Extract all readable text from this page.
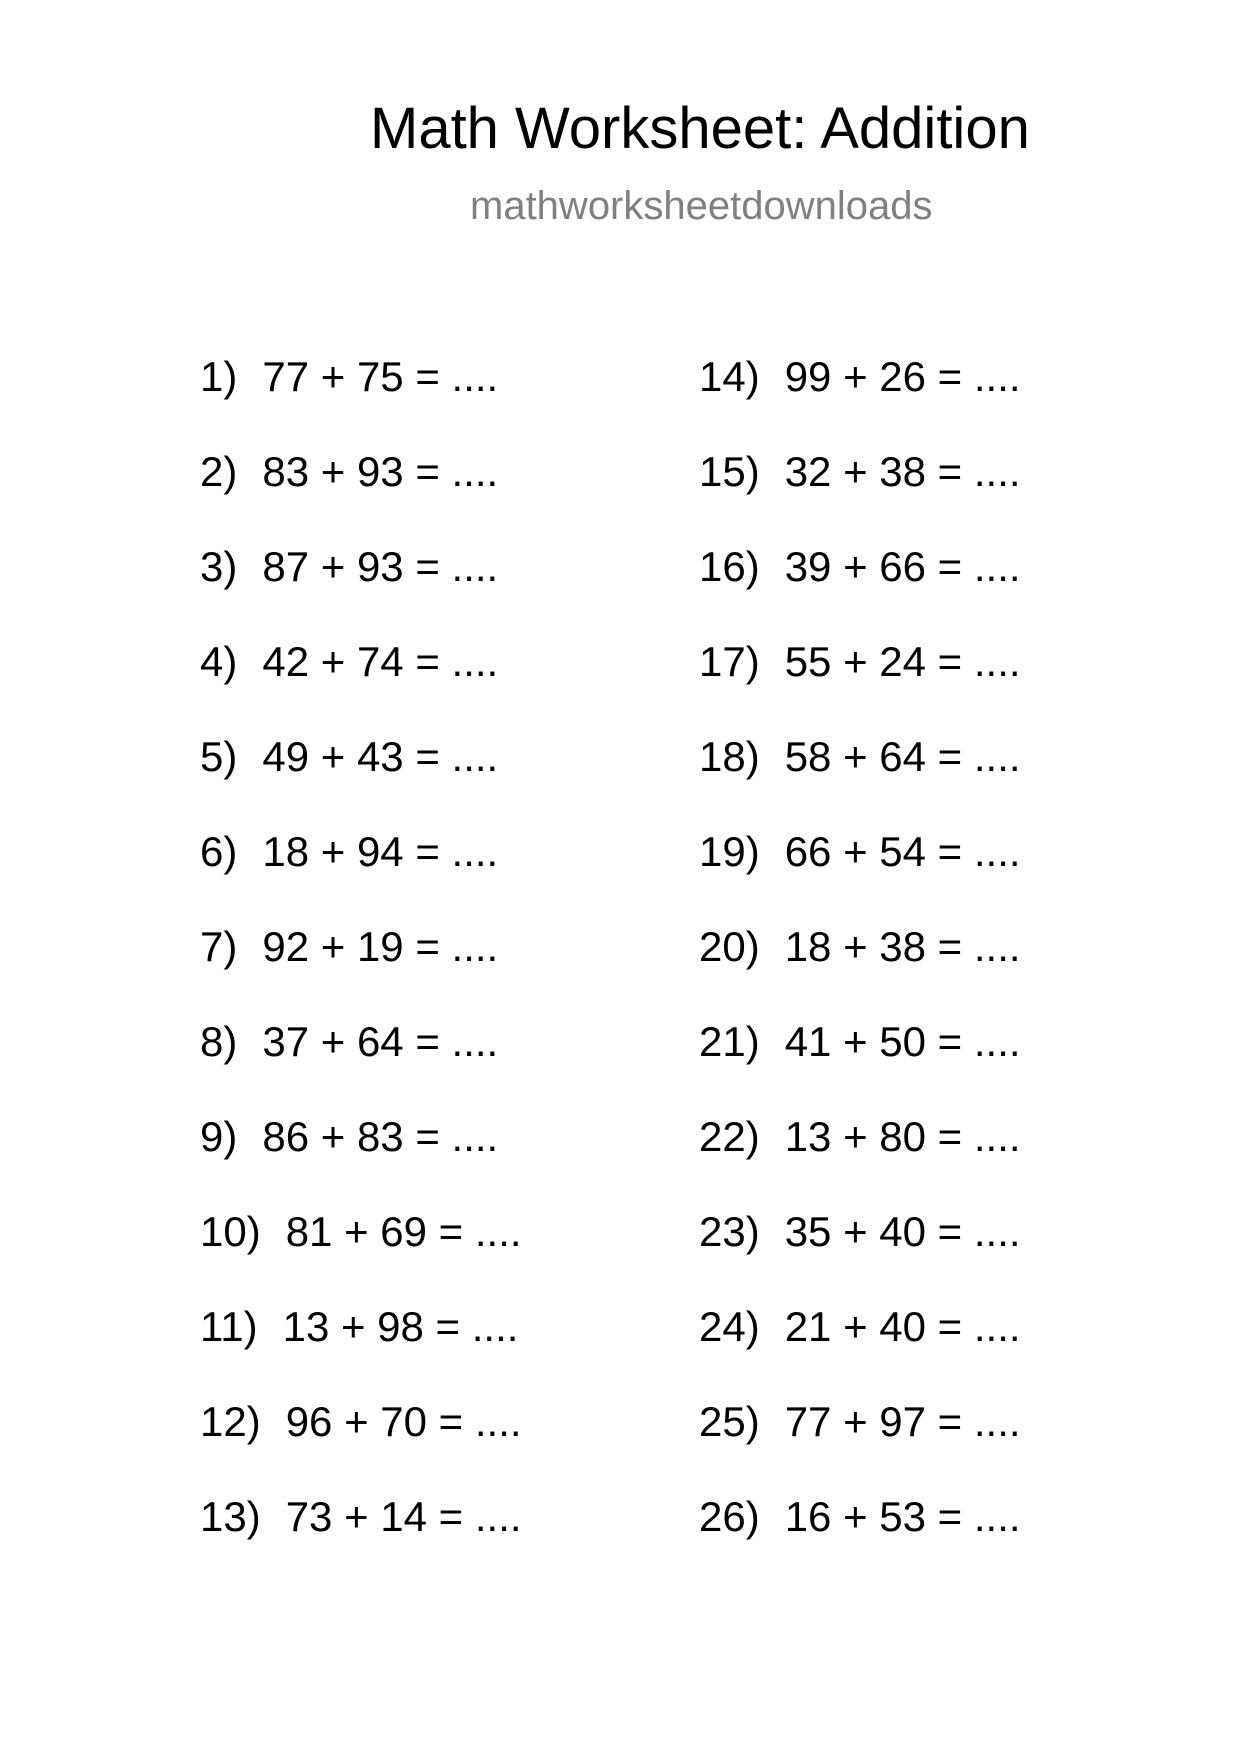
Math Worksheet: Addition
mathworksheetdownloads
1) 77 + 75 = ....
2) 83 + 93 = ....
3) 87 + 93 = ....
4) 42 + 74 = ....
5) 49 + 43 = ....
6) 18 + 94 = ....
7) 92 + 19 = ....
8) 37 + 64 = ....
9) 86 + 83 = ....
10) 81 + 69 = ....
11) 13 + 98 = ....
12) 96 + 70 = ....
13) 73 + 14 = ....
14) 99 + 26 = ....
15) 32 + 38 = ....
16) 39 + 66 = ....
17) 55 + 24 = ....
18) 58 + 64 = ....
19) 66 + 54 = ....
20) 18 + 38 = ....
21) 41 + 50 = ....
22) 13 + 80 = ....
23) 35 + 40 = ....
24) 21 + 40 = ....
25) 77 + 97 = ....
26) 16 + 53 = ....
